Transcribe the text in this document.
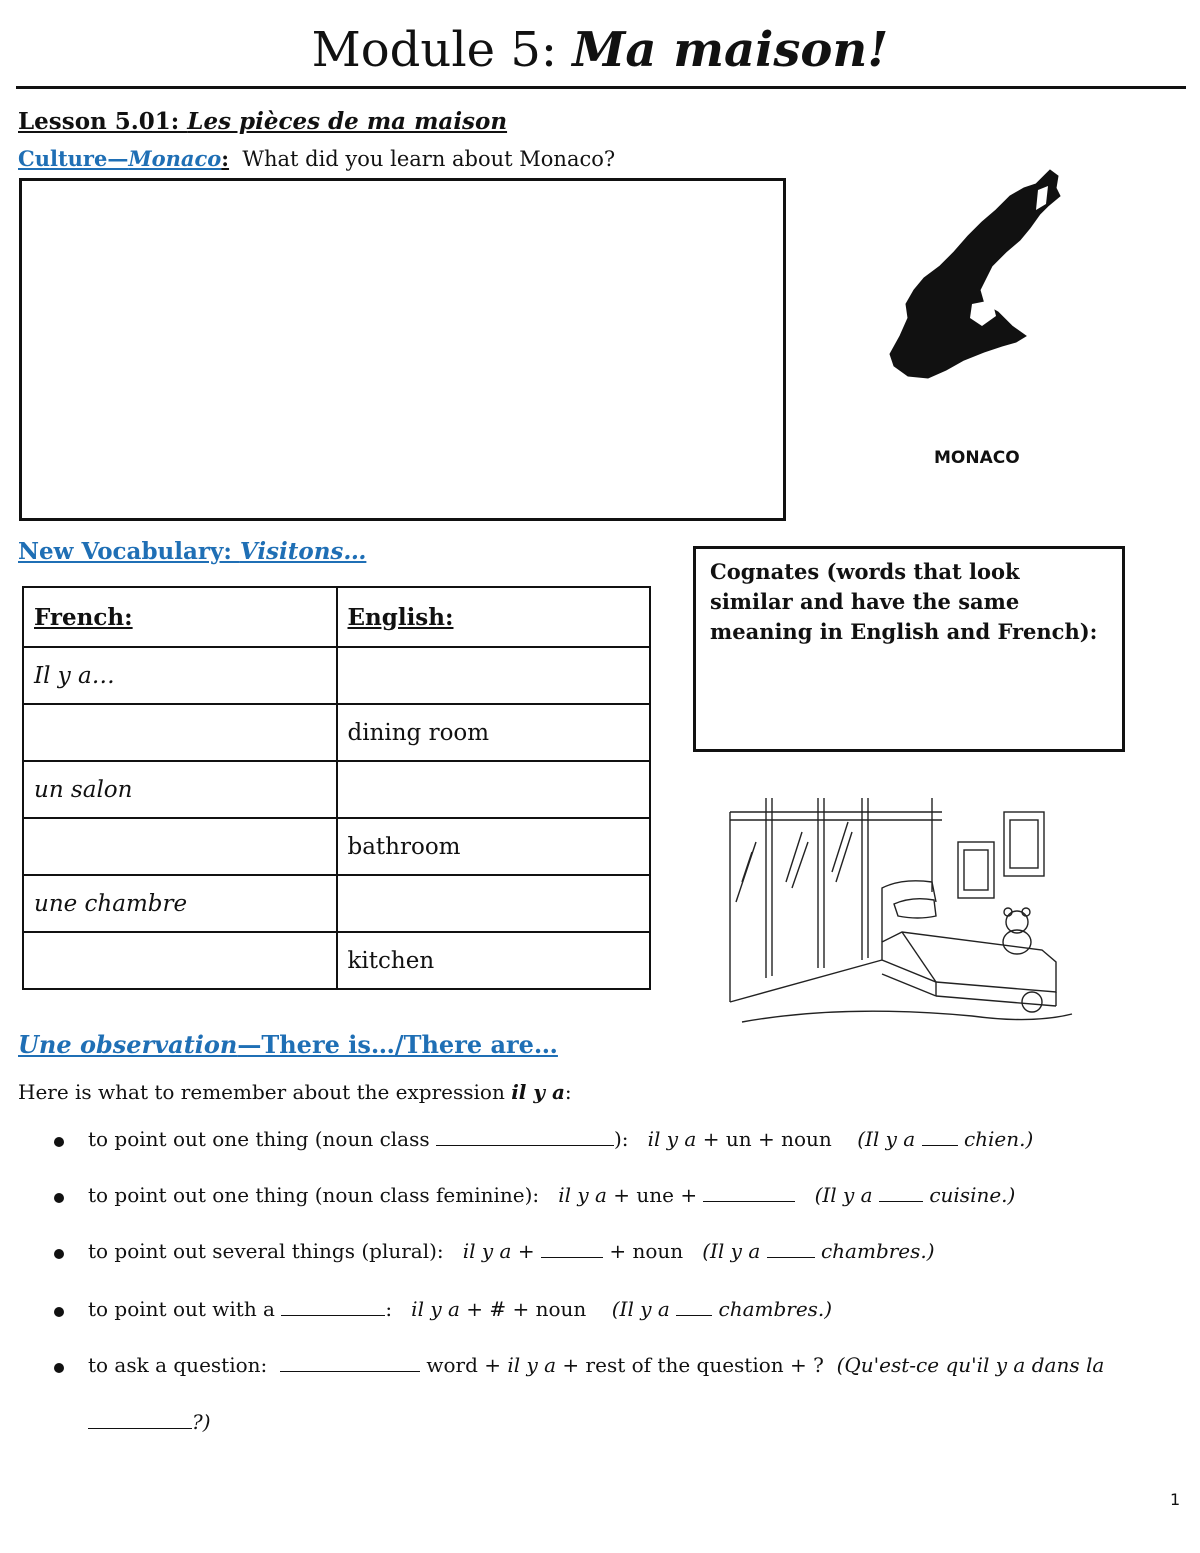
Module 5: Ma maison!
Lesson 5.01: Les pièces de ma maison
Culture—Monaco: What did you learn about Monaco?
MONACO
New Vocabulary: Visitons…
French:	English:
Il y a…	
	dining room
un salon	
	bathroom
une chambre	
	kitchen
Cognates (words that look similar and have the same meaning in English and French):
Une observation—There is…/There are…
Here is what to remember about the expression il y a:
to point out one thing (noun class	):   il y a + un + noun (Il y a  chien.)
to point out one thing (noun class feminine):   il y a + une +	(Il y a  cuisine.)
to point out several things (plural):   il y a +	+ noun (Il y a  chambres.)
to point out with a	:   il y a + # + noun (Il y a  chambres.)
to ask a question:	word + il y a + rest of the question + ? (Qu'est-ce qu'il y a dans la
?)
1
